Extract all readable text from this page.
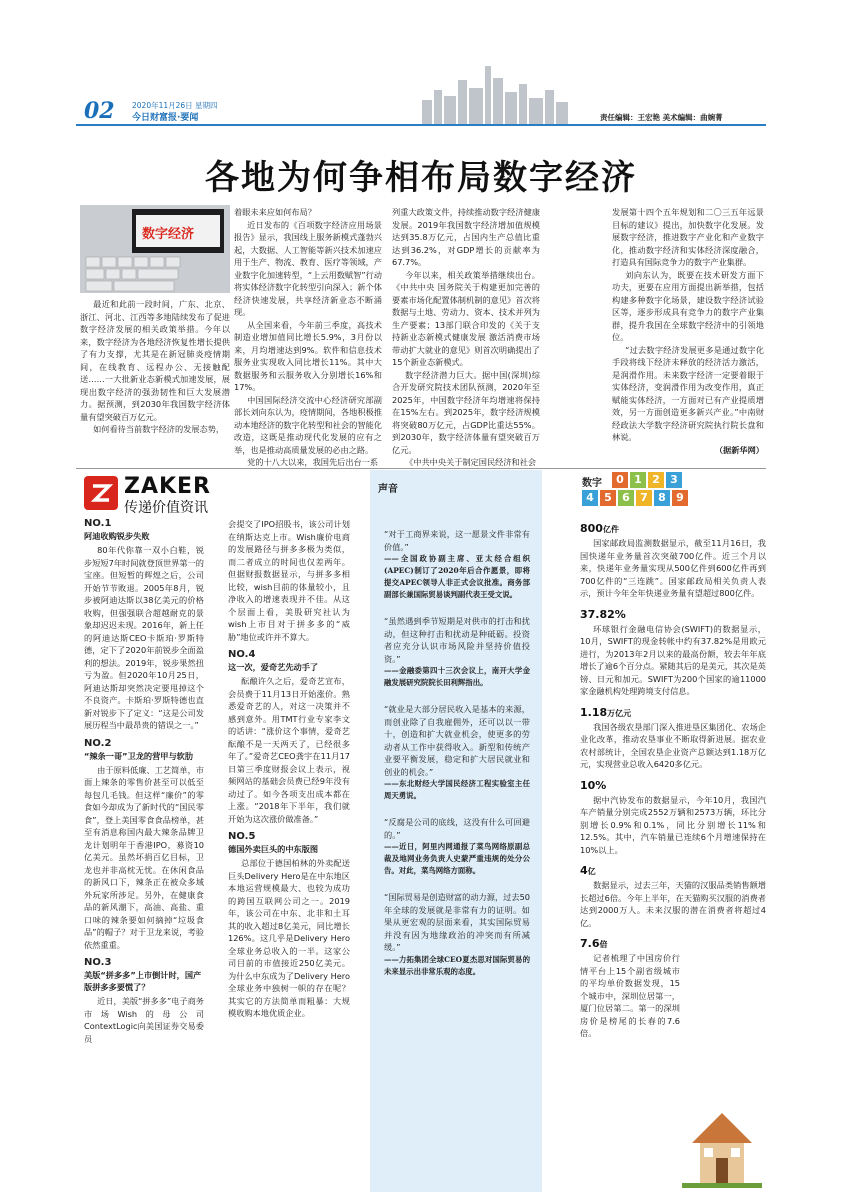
02 2020年11月26日 星期四
今日财富报·要闻	责任编辑：王宏艳 美术编辑：曲婉菁
各地为何争相布局数字经济
数字经济

最近和此前一段时间，广东、北京、浙江、河北、江西等多地陆续发布了促进数字经济发展的相关政策举措。今年以来，数字经济为各地经济恢复性增长提供了有力支撑，尤其是在新冠肺炎疫情期间，在线教育、远程办公、无接触配送……一大批新业态新模式加速发展，展现出数字经济的强劲韧性和巨大发展潜力。据预测，到2030年我国数字经济体量有望突破百万亿元。

如何看待当前数字经济的发展态势，

着眼未来应如何布局？

近日发布的《百项数字经济应用场景报告》显示，我国线上服务新模式蓬勃兴起，大数据、人工智能等新兴技术加速应用于生产、物流、教育、医疗等领域，产业数字化加速转型，“上云用数赋智”行动将实体经济数字化转型引向深入；新个体经济快速发展，共享经济新业态不断涌现。

从全国来看，今年前三季度，高技术制造业增加值同比增长5.9%，3月份以来，月均增速达到9%。软件和信息技术服务业实现收入同比增长11%。其中大数据服务和云服务收入分别增长16%和17%。

中国国际经济交流中心经济研究部副部长刘向东认为，疫情期间，各地积极推动本地经济的数字化转型和社会的智能化改造，这既是推动现代化发展的应有之举，也是推动高质量发展的必由之路。

党的十八大以来，我国先后出台一系

列重大政策文件，持续推动数字经济健康发展。2019年我国数字经济增加值规模达到35.8万亿元，占国内生产总值比重达到36.2%，对GDP增长的贡献率为67.7%。

今年以来，相关政策举措继续出台。《中共中央 国务院关于构建更加完善的要素市场化配置体制机制的意见》首次将数据与土地、劳动力、资本、技术并列为生产要素；13部门联合印发的《关于支持新业态新模式健康发展 激活消费市场带动扩大就业的意见》则首次明确提出了15个新业态新模式。

数字经济潜力巨大。据中国(深圳)综合开发研究院技术团队预测，2020年至2025年，中国数字经济年均增速将保持在15%左右。到2025年，数字经济规模将突破80万亿元，占GDP比重达55%。到2030年，数字经济体量有望突破百万亿元。

《中共中央关于制定国民经济和社会

发展第十四个五年规划和二〇三五年远景目标的建议》提出，加快数字化发展。发展数字经济，推进数字产业化和产业数字化，推动数字经济和实体经济深度融合，打造具有国际竞争力的数字产业集群。

刘向东认为，既要在技术研发方面下功夫，更要在应用方面提出新举措，包括构建多种数字化场景，建设数字经济试验区等，逐步形成具有竞争力的数字产业集群，提升我国在全球数字经济中的引领地位。

“过去数字经济发展更多是通过数字化手段将线下经济未释放的经济活力激活，是润滑作用。未来数字经济一定要着眼于实体经济，变润滑作用为改变作用，真正赋能实体经济，一方面对已有产业提质增效，另一方面创造更多新兴产业。”中南财经政法大学数字经济研究院执行院长盘和林说。

（据新华网）

ZAKER
传递价值资讯

NO.1

阿迪收购锐步失败

80年代你靠一双小白鞋，锐步短短7年时间就登顶世界第一的宝座。但短暂的辉煌之后，公司开始节节败退。2005年8月，锐步被阿迪达斯以38亿美元的价格收购，但强强联合超越耐克的景象却迟迟未现。2016年，新上任的阿迪达斯CEO卡斯珀·罗斯特德，定下了2020年前锐步全面盈利的想法。2019年，锐步果然扭亏为盈。但2020年10月25日，阿迪达斯却突然决定要甩掉这个不良资产。卡斯珀·罗斯特德也直新对锐步下了定义：“这是公司发展历程当中最昂贵的错误之一。”

NO.2

“辣条一哥”卫龙的营甲与软肋

由于原料低廉、工艺简单，市面上辣条的零售价甚至可以低至每包几毛钱。但这样“廉价”的零食如今却成为了新时代的“国民零食”，登上美国零食食品榜单，甚至有消息称国内最大辣条品牌卫龙计划明年于香港IPO，募资10亿美元。虽然坏捐百亿目标，卫龙也并非高枕无忧。在休闲食品的新风口下，辣条正在被众多域外玩家所涉足。另外，在健康食品的新风潮下，高油、高盐、重口味的辣条要如何摘掉“垃圾食品”的帽子？对于卫龙来说，考验依然重重。

NO.3

美版“拼多多”上市倒计时，国产版拼多多要慌了？

近日，美版“拼多多”电子商务市场Wish的母公司ContextLogic向美国证券交易委员

会提交了IPO招股书，该公司计划在纳斯达克上市。Wish廉价电商的发展路径与拼多多极为类似，而二者成立的时间也仅差两年。但据财报数据显示，与拼多多相比较，wish目前的体量较小，且净收入的增速表现并不佳。从这个层面上看，美股研究社认为wish上市目对于拼多多的“威胁”地位或许并不算大。

NO.4

这一次，爱奇艺先动手了

酝酿许久之后，爱奇艺宣布，会员费于11月13日开始涨价。熟悉爱奇艺的人，对这一决策并不感到意外。用TMT行业专家李文的话讲：“涨价这个事情，爱奇艺酝酿不是一天两天了，已经很多年了。”爱奇艺CEO龚宇在11月17日第三季度财报会议上表示，视频网站的基础会员费已经9年没有动过了。如今各项支出成本都在上涨。“2018年下半年，我们就开始为这次涨价做准备。”

NO.5

德国外卖巨头的中东版图

总部位于德国柏林的外卖配送巨头Delivery Hero是在中东地区本地运营规模最大、也较为成功的跨国互联网公司之一。2019年，该公司在中东、北非和土耳其的收入超过8亿美元，同比增长126%。这几乎是Delivery Hero全球业务总收入的一半。这家公司目前的市值接近250亿美元。为什么中东成为了Delivery Hero全球业务中独树一帜的存在呢？其实它的方法简单而粗暴：大规模收购本地优质企业。

声音

“对于工商界来说，这一愿景文件非常有价值。”

——全国政协副主席、亚太经合组织(APEC)制订了2020年后合作愿景，即将提交APEC领导人非正式会议批准。商务部副部长兼国际贸易谈判副代表王受文说。

“虽然遇到季节短期是对供市的打击和扰动，但这种打击和扰动是种砥砺。投资者应充分认识市场风险并坚持价值投资。”

——金融委第四十三次会议上，南开大学金融发展研究院院长田利辉指出。

“就业是大部分居民收入是基本的来源，而创业除了自我雇佣外，还可以以一带十，创造和扩大就业机会，使更多的劳动者从工作中获得收入。新型和传统产业要平衡发展，稳定和扩大居民就业和创业的机会。”

——东北财经大学国民经济工程实验室主任周天勇说。

“反腐是公司的底线，这没有什么可回避的。”

——近日，阿里内网通报了菜鸟网络原副总裁及地网业务负责人史蒙严重违规的处分公告。对此，菜鸟网络方面称。

“国际贸易是创造财富的动力源，过去50年全球的发展就是非常有力的证明。如果从更宏观的层面来看，其实国际贸易并没有因为地缘政治的冲突而有所减缓。”

——力拓集团全球CEO夏杰思对国际贸易的未来显示出非常乐观的态度。

数字	0 1 2 3
4 5 6 7 8 9

800亿件

国家邮政局监测数据显示，截至11月16日，我国快递年业务量首次突破700亿件。近三个月以来，快递年业务量实现从500亿件到600亿件再到700亿件的“三连跳”。国家邮政局相关负责人表示，预计今年全年快递业务量有望超过800亿件。

37.82%

环球银行金融电信协会(SWIFT)的数据显示，10月，SWIFT的现金转帐中约有37.82%是用欧元进行，为2013年2月以来的最高份额，较去年年底增长了逾6个百分点。紧随其后的是美元，其次是英镑、日元和加元。SWIFT为200个国家的逾11000家金融机构处理跨境支付信息。

1.18万亿元

我国各级农垦部门深入推进垦区集团化、农场企业化改革，推动农垦事业不断取得新进展。据农业农村部统计，全国农垦企业资产总额达到1.18万亿元，实现营业总收入6420多亿元。

10%

据中汽协发布的数据显示，今年10月，我国汽车产销量分别完成2552万辆和2573万辆，环比分别增长0.9%和0.1%，同比分别增长11%和12.5%。其中，汽车销量已连续6个月增速保持在10%以上。

4亿

数据显示，过去三年，天猫的汉服品类销售额增长超过6倍。今年上半年，在天猫购买汉服的消费者达到2000万人。未来汉服的潜在消费者将超过4亿。

7.6倍

记者梳理了中国房价行情平台上15个副省级城市的平均单价数据发现，15个城市中，深圳位居第一，厦门位居第二。第一的深圳房价是榜尾的长春的7.6倍。
